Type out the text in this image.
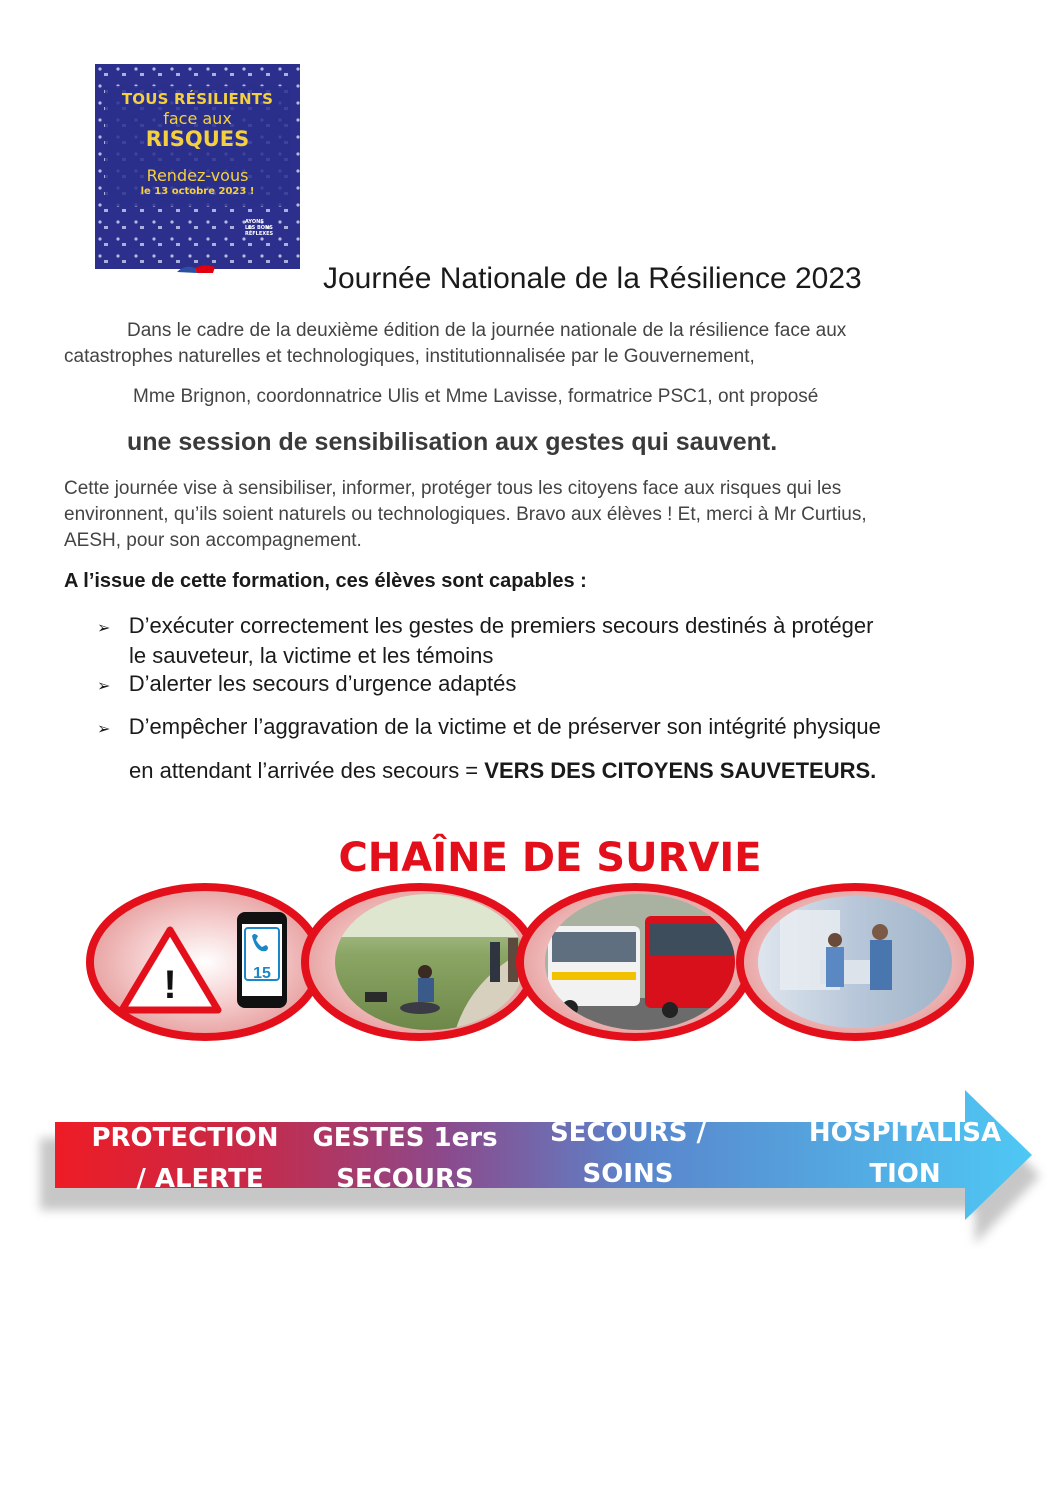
TOUS RÉSILIENTS
face aux
RISQUES
Rendez-vous
le 13 octobre 2023 !
AYONS
LES BONS
RÉFLEXES
Journée Nationale de la Résilience 2023
Dans le cadre de la deuxième édition de la journée nationale de la résilience face aux
catastrophes naturelles et technologiques, institutionnalisée par le Gouvernement,
Mme Brignon, coordonnatrice Ulis et Mme Lavisse, formatrice PSC1, ont proposé
une session de sensibilisation aux gestes qui sauvent.
Cette journée vise à sensibiliser, informer, protéger tous les citoyens face aux risques qui les
environnent, qu’ils soient naturels ou technologiques. Bravo aux élèves ! Et, merci à Mr Curtius,
AESH, pour son accompagnement.
A l’issue de cette formation, ces élèves sont capables :
➢ D’exécuter correctement les gestes de premiers secours destinés à protéger
le sauveteur, la victime et les témoins
➢ D’alerter les secours d’urgence adaptés
➢ D’empêcher l’aggravation de la victime et de préserver son intégrité physique
en attendant l’arrivée des secours = VERS DES CITOYENS SAUVETEURS.
CHAÎNE DE SURVIE
!	15
PROTECTION
/ ALERTE
GESTES 1ers
SECOURS
SECOURS /
SOINS
HOSPITALISA
TION
